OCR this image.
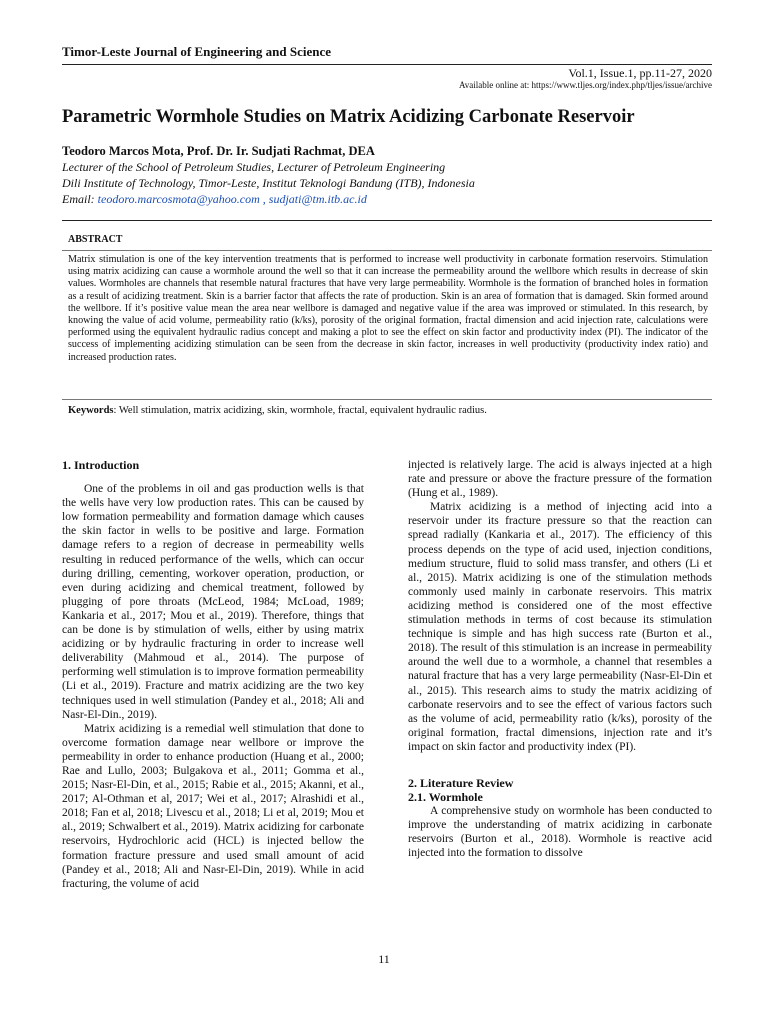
Timor-Leste Journal of Engineering and Science
Vol.1, Issue.1, pp.11-27, 2020
Available online at: https://www.tljes.org/index.php/tljes/issue/archive
Parametric Wormhole Studies on Matrix Acidizing Carbonate Reservoir
Teodoro Marcos Mota, Prof. Dr. Ir. Sudjati Rachmat, DEA
Lecturer of the School of Petroleum Studies, Lecturer of Petroleum Engineering
Dili Institute of Technology, Timor-Leste, Institut Teknologi Bandung (ITB), Indonesia
Email: teodoro.marcosmota@yahoo.com , sudjati@tm.itb.ac.id
ABSTRACT
Matrix stimulation is one of the key intervention treatments that is performed to increase well productivity in carbonate formation reservoirs. Stimulation using matrix acidizing can cause a wormhole around the well so that it can increase the permeability around the wellbore which results in decrease of skin values. Wormholes are channels that resemble natural fractures that have very large permeability. Wormhole is the formation of branched holes in formation as a result of acidizing treatment. Skin is a barrier factor that affects the rate of production. Skin is an area of formation that is damaged. Skin formed around the wellbore. If it’s positive value mean the area near wellbore is damaged and negative value if the area was improved or stimulated. In this research, by knowing the value of acid volume, permeability ratio (k/ks), porosity of the original formation, fractal dimension and acid injection rate, calculations were performed using the equivalent hydraulic radius concept and making a plot to see the effect on skin factor and productivity index (PI). The indicator of the success of implementing acidizing stimulation can be seen from the decrease in skin factor, increases in well productivity (productivity index ratio) and increased production rates.
Keywords: Well stimulation, matrix acidizing, skin, wormhole, fractal, equivalent hydraulic radius.

1. Introduction

One of the problems in oil and gas production wells is that the wells have very low production rates. This can be caused by low formation permeability and formation damage which causes the skin factor in wells to be positive and large. Formation damage refers to a region of decrease in permeability wells resulting in reduced performance of the wells, which can occur during drilling, cementing, workover operation, production, or even during acidizing and chemical treatment, followed by plugging of pore throats (McLeod, 1984; McLoad, 1989; Kankaria et al., 2017; Mou et al., 2019). Therefore, things that can be done is by stimulation of wells, either by using matrix acidizing or by hydraulic fracturing in order to increase well deliverability (Mahmoud et al., 2014). The purpose of performing well stimulation is to improve formation permeability (Li et al., 2019). Fracture and matrix acidizing are the two key techniques used in well stimulation (Pandey et al., 2018; Ali and Nasr-El-Din., 2019).

Matrix acidizing is a remedial well stimulation that done to overcome formation damage near wellbore or improve the permeability in order to enhance production (Huang et al., 2000; Rae and Lullo, 2003; Bulgakova et al., 2011; Gomma et al., 2015; Nasr-El-Din, et al., 2015; Rabie et al., 2015; Akanni, et al., 2017; Al-Othman et al, 2017; Wei et al., 2017; Alrashidi et al., 2018; Fan et al, 2018; Livescu et al., 2018; Li et al, 2019; Mou et al., 2019; Schwalbert et al., 2019). Matrix acidizing for carbonate reservoirs, Hydrochloric acid (HCL) is injected bellow the formation fracture pressure and used small amount of acid (Pandey et al., 2018; Ali and Nasr-El-Din, 2019). While in acid fracturing, the volume of acid

injected is relatively large. The acid is always injected at a high rate and pressure or above the fracture pressure of the formation (Hung et al., 1989).

Matrix acidizing is a method of injecting acid into a reservoir under its fracture pressure so that the reaction can spread radially (Kankaria et al., 2017). The efficiency of this process depends on the type of acid used, injection conditions, medium structure, fluid to solid mass transfer, and others (Li et al., 2015). Matrix acidizing is one of the stimulation methods commonly used mainly in carbonate reservoirs. This matrix acidizing method is considered one of the most effective stimulation methods in terms of cost because its stimulation technique is simple and has high success rate (Burton et al., 2018). The result of this stimulation is an increase in permeability around the well due to a wormhole, a channel that resembles a natural fracture that has a very large permeability (Nasr-El-Din et al., 2015). This research aims to study the matrix acidizing of carbonate reservoirs and to see the effect of various factors such as the volume of acid, permeability ratio (k/ks), porosity of the original formation, fractal dimensions, injection rate and it’s impact on skin factor and productivity index (PI).

2. Literature Review

2.1. Wormhole

A comprehensive study on wormhole has been conducted to improve the understanding of matrix acidizing in carbonate reservoirs (Burton et al., 2018). Wormhole is reactive acid injected into the formation to dissolve

11
